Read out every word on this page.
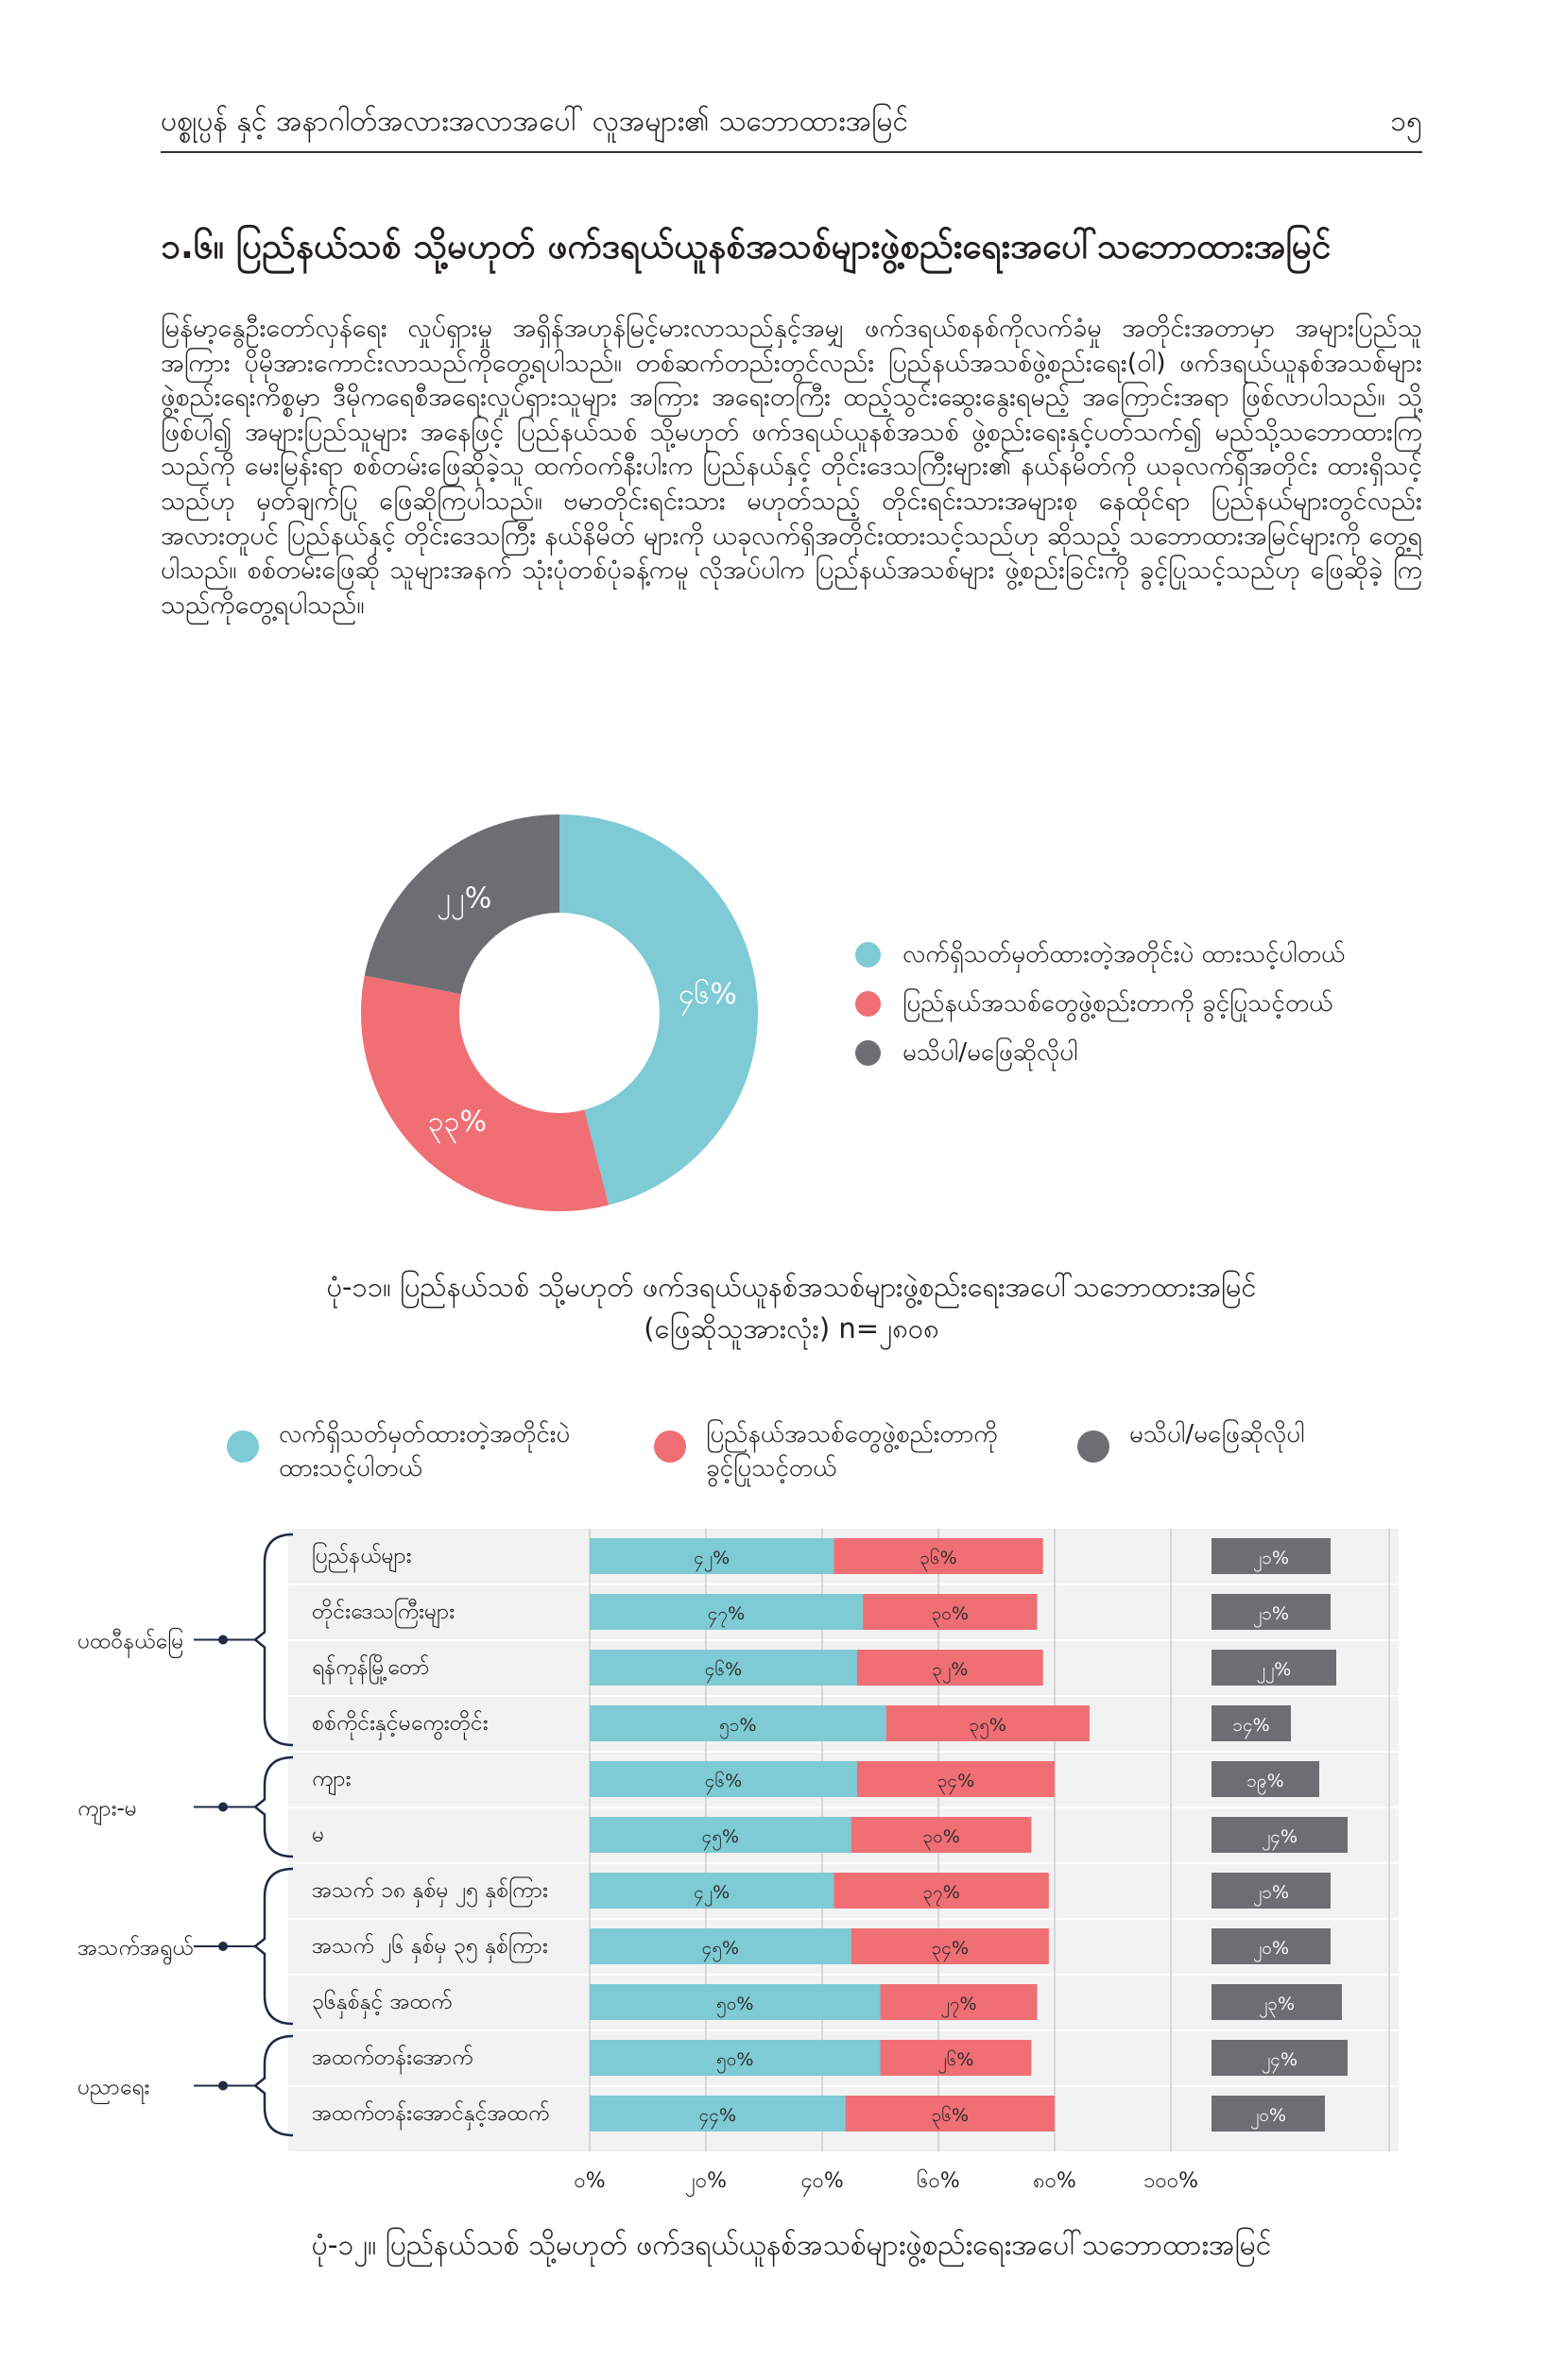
ပစ္စုပ္ပန် နှင့် အနာဂါတ်အလားအလာအပေါ် လူအများ၏ သဘောထားအမြင်	၁၅
၁.၆။ ပြည်နယ်သစ် သို့မဟုတ် ဖက်ဒရယ်ယူနစ်အသစ်များဖွဲ့စည်းရေးအပေါ်သဘောထားအမြင်
မြန်မာ့နွေဦးတော်လှန်ရေး လှုပ်ရှားမှု အရှိန်အဟုန်မြင့်မားလာသည်နှင့်အမျှ ဖက်ဒရယ်စနစ်ကိုလက်ခံမှု အတိုင်းအတာမှာ အများပြည်သူအကြား ပိုမိုအားကောင်းလာသည်ကိုတွေ့ရပါသည်။ တစ်ဆက်တည်းတွင်လည်း ပြည်နယ်အသစ်ဖွဲ့စည်းရေး(ဝါ) ဖက်ဒရယ်ယူနစ်အသစ်များဖွဲ့စည်းရေးကိစ္စမှာ ဒီမိုကရေစီအရေးလှုပ်ရှားသူများ အကြား အရေးတကြီး ထည့်သွင်းဆွေးနွေးရမည့် အကြောင်းအရာ ဖြစ်လာပါသည်။ သို့ဖြစ်ပါ၍ အများပြည်သူများ အနေဖြင့် ပြည်နယ်သစ် သို့မဟုတ် ဖက်ဒရယ်ယူနစ်အသစ် ဖွဲ့စည်းရေးနှင့်ပတ်သက်၍ မည်သို့သဘောထားကြ သည်ကို မေးမြန်းရာ စစ်တမ်းဖြေဆိုခဲ့သူ ထက်ဝက်နီးပါးက ပြည်နယ်နှင့် တိုင်းဒေသကြီးများ၏ နယ်နမိတ်ကို ယခုလက်ရှိအတိုင်း ထားရှိသင့်သည်ဟု မှတ်ချက်ပြု ဖြေဆိုကြပါသည်။ ဗမာတိုင်းရင်းသား မဟုတ်သည့် တိုင်းရင်းသားအများစု နေထိုင်ရာ ပြည်နယ်များတွင်လည်း အလားတူပင် ပြည်နယ်နှင့် တိုင်းဒေသကြီး နယ်နိမိတ် များကို ယခုလက်ရှိအတိုင်းထားသင့်သည်ဟု ဆိုသည့် သဘောထားအမြင်များကို တွေ့ရပါသည်။ စစ်တမ်းဖြေဆို သူများအနက် သုံးပုံတစ်ပုံခန့်ကမူ လိုအပ်ပါက ပြည်နယ်အသစ်များ ဖွဲ့စည်းခြင်းကို ခွင့်ပြုသင့်သည်ဟု ဖြေဆိုခဲ့ ကြသည်ကိုတွေ့ရပါသည်။
၄၆%
၃၃%
၂၂%
လက်ရှိသတ်မှတ်ထားတဲ့အတိုင်းပဲ ထားသင့်ပါတယ်
ပြည်နယ်အသစ်တွေဖွဲ့စည်းတာကို ခွင့်ပြုသင့်တယ်
မသိပါ/မဖြေဆိုလိုပါ
ပုံ-၁၁။ ပြည်နယ်သစ် သို့မဟုတ် ဖက်ဒရယ်ယူနစ်အသစ်များဖွဲ့စည်းရေးအပေါ်သဘောထားအမြင်
(ဖြေဆိုသူအားလုံး) n=၂၈၀၈
လက်ရှိသတ်မှတ်ထားတဲ့အတိုင်းပဲ
ထားသင့်ပါတယ်
ပြည်နယ်အသစ်တွေဖွဲ့စည်းတာကို
ခွင့်ပြုသင့်တယ်
မသိပါ/မဖြေဆိုလိုပါ
၀%	၂၀%	၄၀%	၆၀%	၈၀%	၁၀၀%
ပြည်နယ်များ	၄၂%	၃၆%	၂၁%
တိုင်းဒေသကြီးများ	၄၇%	၃၀%	၂၁%
ရန်ကုန်မြို့တော်	၄၆%	၃၂%	၂၂%
စစ်ကိုင်းနှင့်မကွေးတိုင်း	၅၁%	၃၅%	၁၄%
ကျား	၄၆%	၃၄%	၁၉%
မ	၄၅%	၃၀%	၂၄%
အသက် ၁၈ နှစ်မှ ၂၅ နှစ်ကြား	၄၂%	၃၇%	၂၁%
အသက် ၂၆ နှစ်မှ ၃၅ နှစ်ကြား	၄၅%	၃၄%	၂၀%
၃၆နှစ်နှင့် အထက်	၅၀%	၂၇%	၂၃%
အထက်တန်းအောက်	၅၀%	၂၆%	၂၄%
အထက်တန်းအောင်နှင့်အထက်	၄၄%	၃၆%	၂၀%
ပထဝီနယ်မြေ
ကျား-မ
အသက်အရွယ်
ပညာရေး
ပုံ-၁၂။ ပြည်နယ်သစ် သို့မဟုတ် ဖက်ဒရယ်ယူနစ်အသစ်များဖွဲ့စည်းရေးအပေါ်သဘောထားအမြင်
